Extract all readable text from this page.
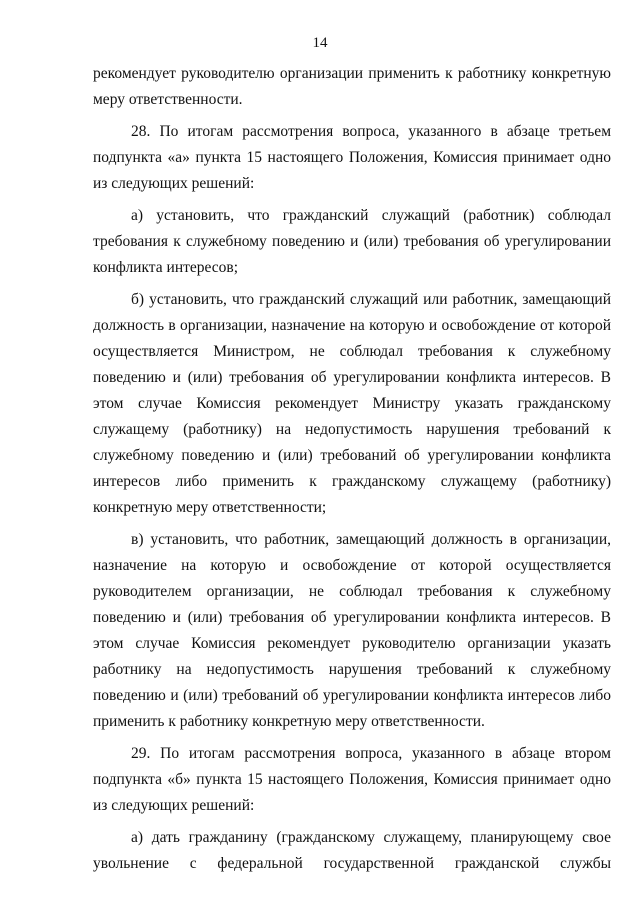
14

рекомендует руководителю организации применить к работнику конкретную меру ответственности.

28. По итогам рассмотрения вопроса, указанного в абзаце третьем подпункта «а» пункта 15 настоящего Положения, Комиссия принимает одно из следующих решений:

а) установить, что гражданский служащий (работник) соблюдал требования к служебному поведению и (или) требования об урегулировании конфликта интересов;

б) установить, что гражданский служащий или работник, замещающий должность в организации, назначение на которую и освобождение от которой осуществляется Министром, не соблюдал требования к служебному поведению и (или) требования об урегулировании конфликта интересов. В этом случае Комиссия рекомендует Министру указать гражданскому служащему (работнику) на недопустимость нарушения требований к служебному поведению и (или) требований об урегулировании конфликта интересов либо применить к гражданскому служащему (работнику) конкретную меру ответственности;

в) установить, что работник, замещающий должность в организации, назначение на которую и освобождение от которой осуществляется руководителем организации, не соблюдал требования к служебному поведению и (или) требования об урегулировании конфликта интересов. В этом случае Комиссия рекомендует руководителю организации указать работнику на недопустимость нарушения требований к служебному поведению и (или) требований об урегулировании конфликта интересов либо применить к работнику конкретную меру ответственности.

29. По итогам рассмотрения вопроса, указанного в абзаце втором подпункта «б» пункта 15 настоящего Положения, Комиссия принимает одно из следующих решений:

а) дать гражданину (гражданскому служащему, планирующему свое увольнение с федеральной государственной гражданской службы
